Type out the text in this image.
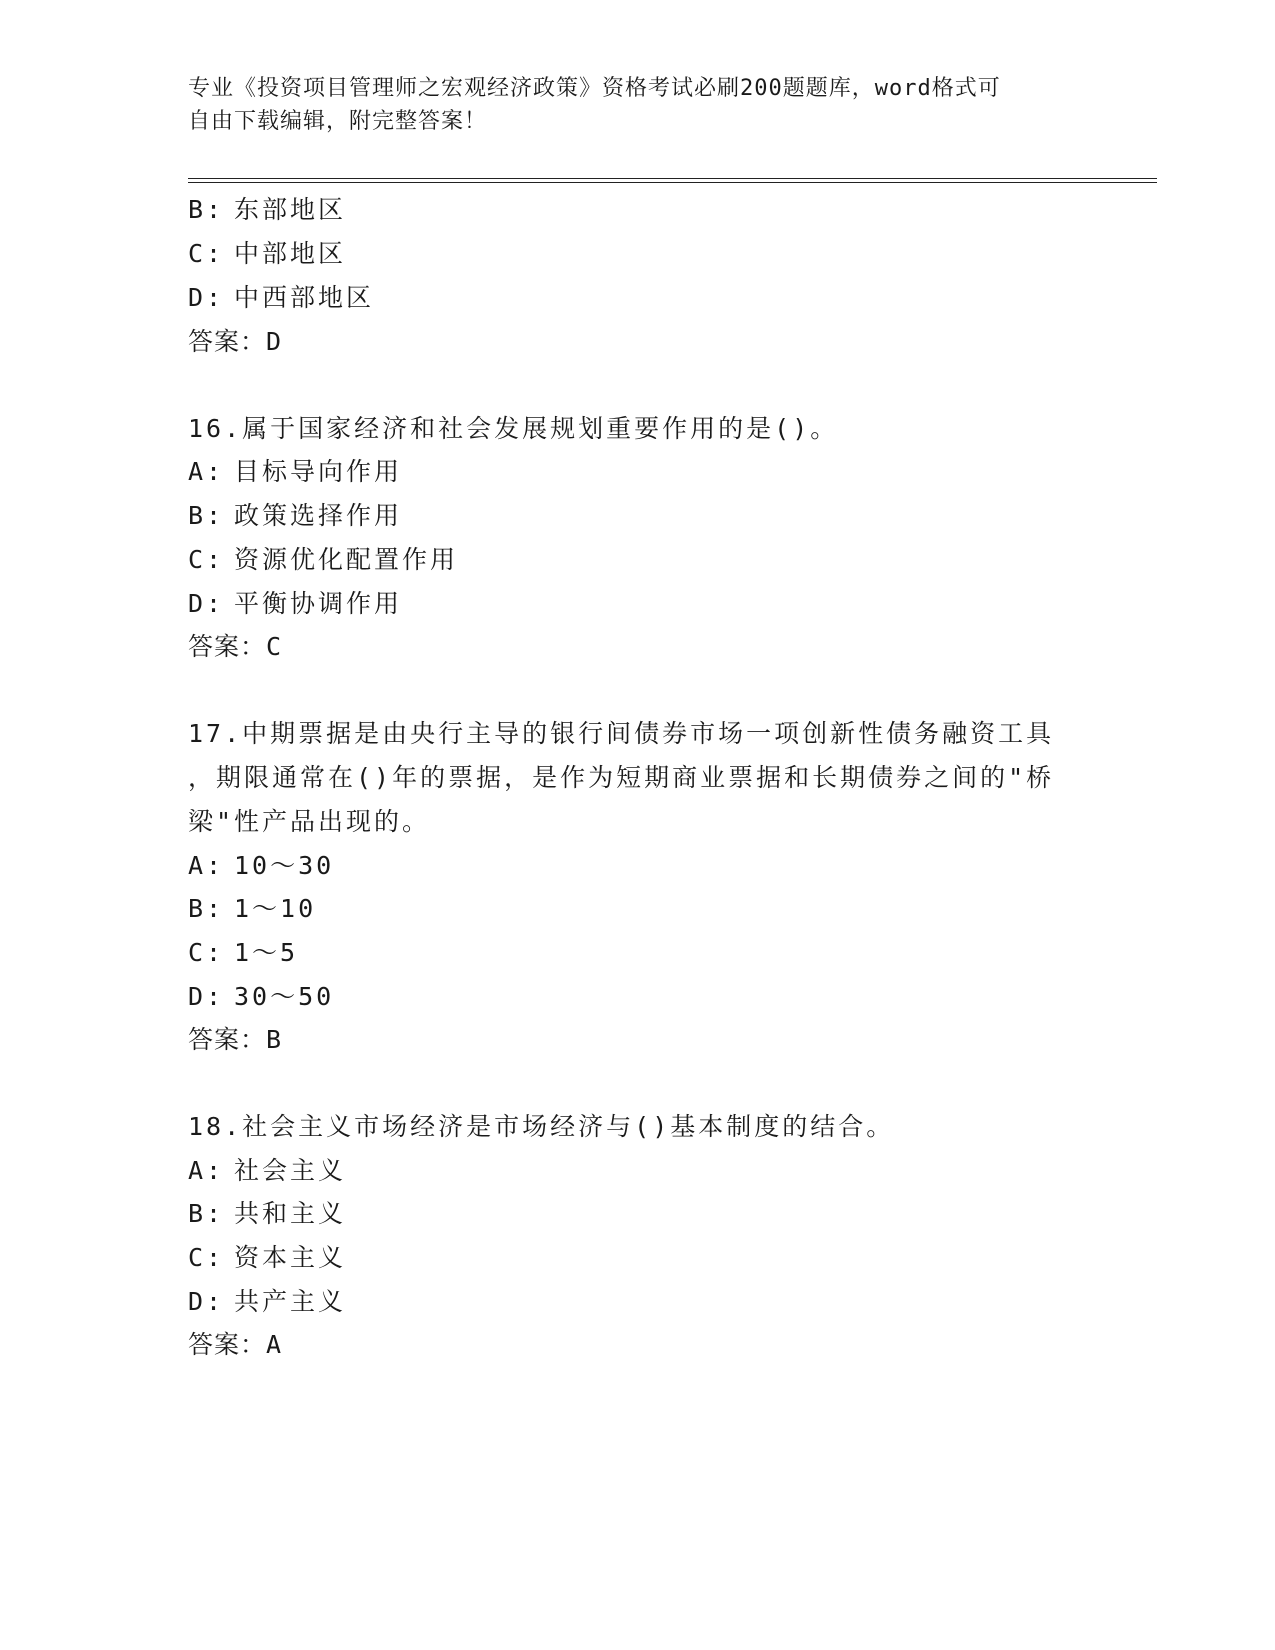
专业《投资项目管理师之宏观经济政策》资格考试必刷200题题库，word格式可
自由下载编辑，附完整答案！
B: 东部地区
C: 中部地区
D: 中西部地区
答案：D
16.属于国家经济和社会发展规划重要作用的是()。
A: 目标导向作用
B: 政策选择作用
C: 资源优化配置作用
D: 平衡协调作用
答案：C
17.中期票据是由央行主导的银行间债券市场一项创新性债务融资工具
，期限通常在()年的票据，是作为短期商业票据和长期债券之间的"桥
梁"性产品出现的。
A: 10～30
B: 1～10
C: 1～5
D: 30～50
答案：B
18.社会主义市场经济是市场经济与()基本制度的结合。
A: 社会主义
B: 共和主义
C: 资本主义
D: 共产主义
答案：A
